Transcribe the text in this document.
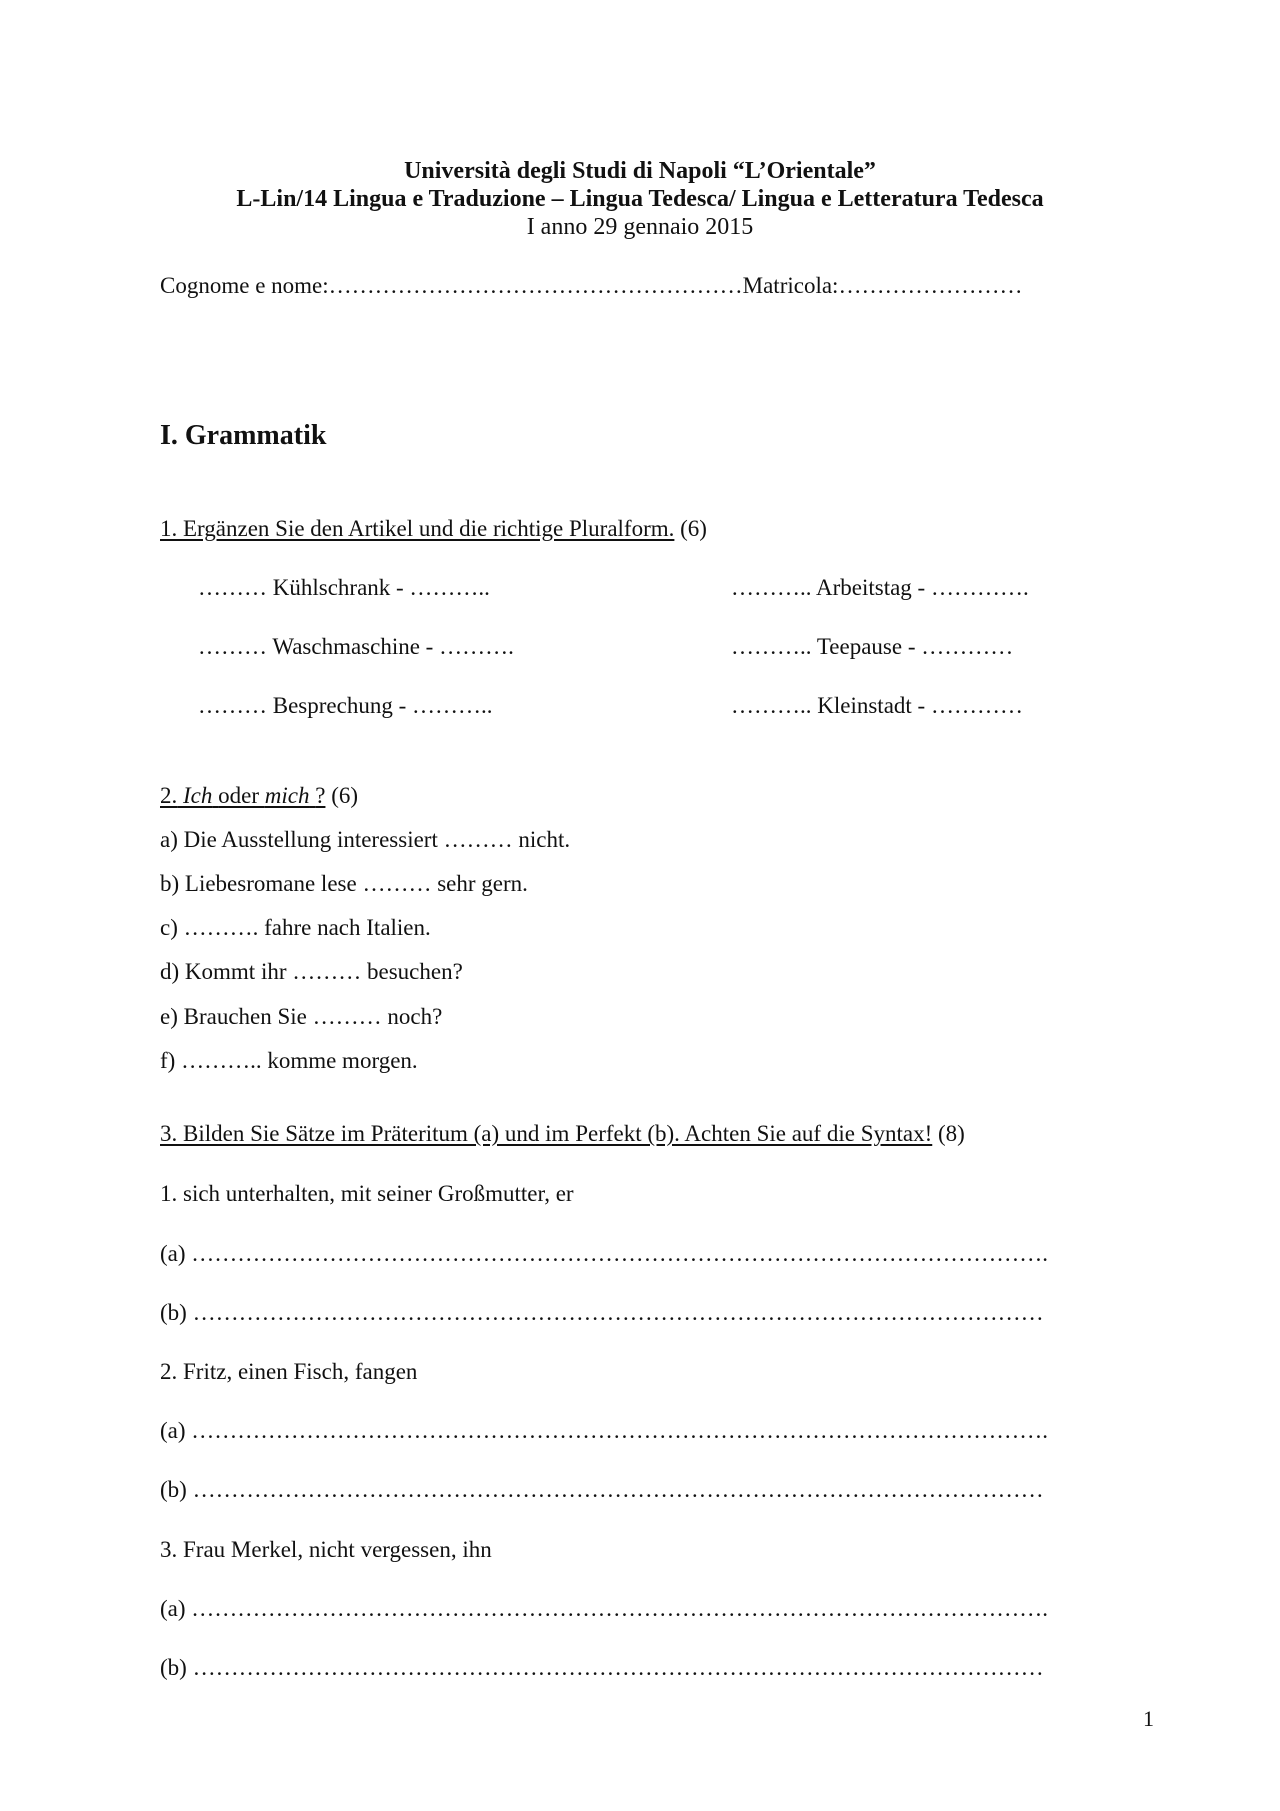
Università degli Studi di Napoli “L’Orientale”
L-Lin/14 Lingua e Traduzione – Lingua Tedesca/ Lingua e Letteratura Tedesca
I anno 29 gennaio 2015
Cognome e nome:………………………………………………Matricola:……………………
I. Grammatik
1. Ergänzen Sie den Artikel und die richtige Pluralform. (6)
……… Kühlschrank - ………..
……… Waschmaschine - ……….
……… Besprechung - ………..
……….. Arbeitstag - ………….
……….. Teepause - …………
……….. Kleinstadt - …………
2. Ich oder mich ? (6)
a) Die Ausstellung interessiert ……… nicht.
b) Liebesromane lese ……… sehr gern.
c) ………. fahre nach Italien.
d) Kommt ihr ……… besuchen?
e) Brauchen Sie ……… noch?
f) ……….. komme morgen.
3. Bilden Sie Sätze im Präteritum (a) und im Perfekt (b). Achten Sie auf die Syntax! (8)
1. sich unterhalten, mit seiner Großmutter, er
(a) ………………………………………………………………………………………………….
(b) …………………………………………………………………………………………………
2. Fritz, einen Fisch, fangen
(a) ………………………………………………………………………………………………….
(b) …………………………………………………………………………………………………
3. Frau Merkel, nicht vergessen, ihn
(a) ………………………………………………………………………………………………….
(b) …………………………………………………………………………………………………
1
